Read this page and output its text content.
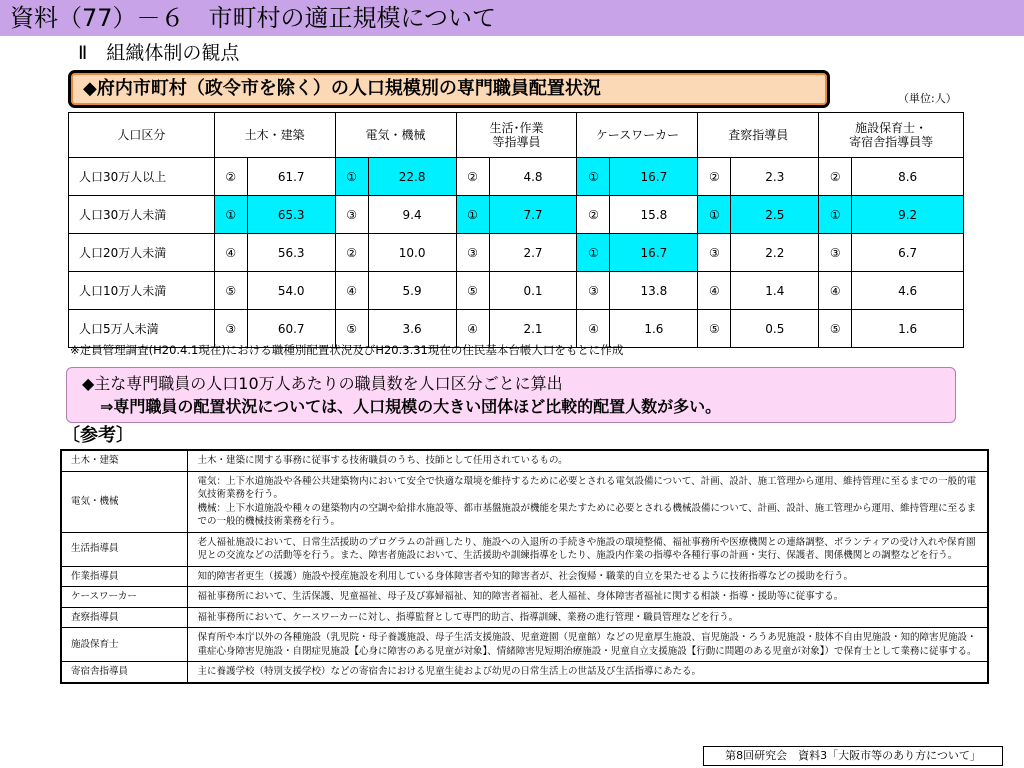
資料（77）－６　市町村の適正規模について
Ⅱ　組織体制の観点
◆府内市町村（政令市を除く）の人口規模別の専門職員配置状況	（単位:人）
人口区分	土木・建築		電気・機械		生活･作業
等指導員		ケースワーカー		査察指導員		施設保育士・
寄宿舎指導員等	
人口30万人以上	②	61.7	①	22.8	②	4.8	①	16.7	②	2.3	②	8.6
人口30万人未満	①	65.3	③	9.4	①	7.7	②	15.8	①	2.5	①	9.2
人口20万人未満	④	56.3	②	10.0	③	2.7	①	16.7	③	2.2	③	6.7
人口10万人未満	⑤	54.0	④	5.9	⑤	0.1	③	13.8	④	1.4	④	4.6
人口5万人未満	③	60.7	⑤	3.6	④	2.1	④	1.6	⑤	0.5	⑤	1.6
※定員管理調査(H20.4.1現在)における職種別配置状況及びH20.3.31現在の住民基本台帳人口をもとに作成
◆主な専門職員の人口10万人あたりの職員数を人口区分ごとに算出
⇒専門職員の配置状況については、人口規模の大きい団体ほど比較的配置人数が多い。
〔参考〕
土木・建築	土木・建築に関する事務に従事する技術職員のうち、技師として任用されているもの。
電気・機械	電気：上下水道施設や各種公共建築物内において安全で快適な環境を維持するために必要とされる電気設備について、計画、設計、施工管理から運用、維持管理に至るまでの一般的電気技術業務を行う。
機械：上下水道施設や種々の建築物内の空調や給排水施設等、都市基盤施設が機能を果たすために必要とされる機械設備について、計画、設計、施工管理から運用、維持管理に至るまでの一般的機械技術業務を行う。
生活指導員	老人福祉施設において、日常生活援助のプログラムの計画したり、施設への入退所の手続きや施設の環境整備、福祉事務所や医療機関との連絡調整、ボランティアの受け入れや保育園児との交流などの活動等を行う。また、障害者施設において、生活援助や訓練指導をしたり、施設内作業の指導や各種行事の計画・実行、保護者、関係機関との調整などを行う。
作業指導員	知的障害者更生（援護）施設や授産施設を利用している身体障害者や知的障害者が、社会復帰・職業的自立を果たせるように技術指導などの援助を行う。
ケースワーカー	福祉事務所において、生活保護、児童福祉、母子及び寡婦福祉、知的障害者福祉、老人福祉、身体障害者福祉に関する相談・指導・援助等に従事する。
査察指導員	福祉事務所において、ケースワーカーに対し、指導監督として専門的助言、指導訓練、業務の進行管理・職員管理などを行う。
施設保育士	保育所や本庁以外の各種施設（乳児院・母子養護施設、母子生活支援施設、児童遊園（児童館）などの児童厚生施設、盲児施設・ろうあ児施設・肢体不自由児施設・知的障害児施設・重症心身障害児施設・自閉症児施設【心身に障害のある児童が対象】、情緒障害児短期治療施設・児童自立支援施設【行動に問題のある児童が対象】）で保育士として業務に従事する。
寄宿舎指導員	主に養護学校（特別支援学校）などの寄宿舎における児童生徒および幼児の日常生活上の世話及び生活指導にあたる。
第8回研究会　資料3「大阪市等のあり方について」
